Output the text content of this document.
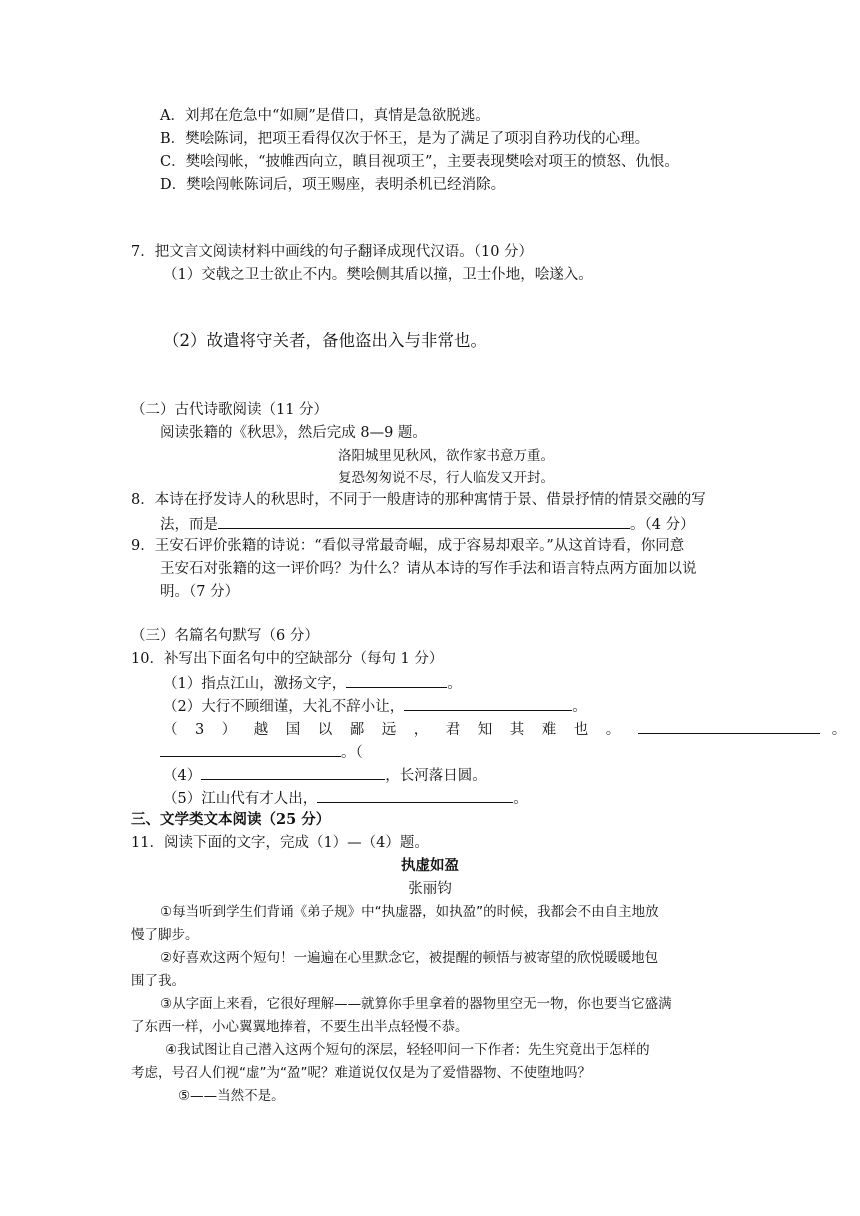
A．刘邦在危急中“如厕”是借口，真情是急欲脱逃。
B．樊哙陈词，把项王看得仅次于怀王，是为了满足了项羽自矜功伐的心理。
C．樊哙闯帐，“披帷西向立，瞋目视项王”，主要表现樊哙对项王的愤怒、仇恨。
D．樊哙闯帐陈词后，项王赐座，表明杀机已经消除。
7．把文言文阅读材料中画线的句子翻译成现代汉语。（10 分）
（1）交戟之卫士欲止不内。樊哙侧其盾以撞，卫士仆地，哙遂入。
（2）故遣将守关者，备他盗出入与非常也。
（二）古代诗歌阅读（11 分）
阅读张籍的《秋思》，然后完成 8—9 题。
洛阳城里见秋风，欲作家书意万重。
复恐匆匆说不尽，行人临发又开封。
8．本诗在抒发诗人的秋思时，不同于一般唐诗的那种寓情于景、借景抒情的情景交融的写
法，而是	。（4 分）
9．王安石评价张籍的诗说：“看似寻常最奇崛，成于容易却艰辛。”从这首诗看，你同意
王安石对张籍的这一评价吗？为什么？请从本诗的写作手法和语言特点两方面加以说
明。（7 分）
（三）名篇名句默写（6 分）
10．补写出下面名句中的空缺部分（每句 1 分）
（1）指点江山，激扬文字，	。
（2）大行不顾细谨，大礼不辞小让，	。
（3）越国以鄙远，君知其难也。	。
。（
（4）	，长河落日圆。
（5）江山代有才人出，	。
三、文学类文本阅读（25 分）
11．阅读下面的文字，完成（1）—（4）题。
执虚如盈
张丽钧
①每当听到学生们背诵《弟子规》中“执虚器，如执盈”的时候，我都会不由自主地放
慢了脚步。
②好喜欢这两个短句！一遍遍在心里默念它，被提醒的顿悟与被寄望的欣悦暖暖地包
围了我。
③从字面上来看，它很好理解——就算你手里拿着的器物里空无一物，你也要当它盛满
了东西一样，小心翼翼地捧着，不要生出半点轻慢不恭。
④我试图让自己潜入这两个短句的深层，轻轻叩问一下作者：先生究竟出于怎样的
考虑，号召人们视“虚”为“盈”呢？难道说仅仅是为了爱惜器物、不使堕地吗？
⑤——当然不是。
